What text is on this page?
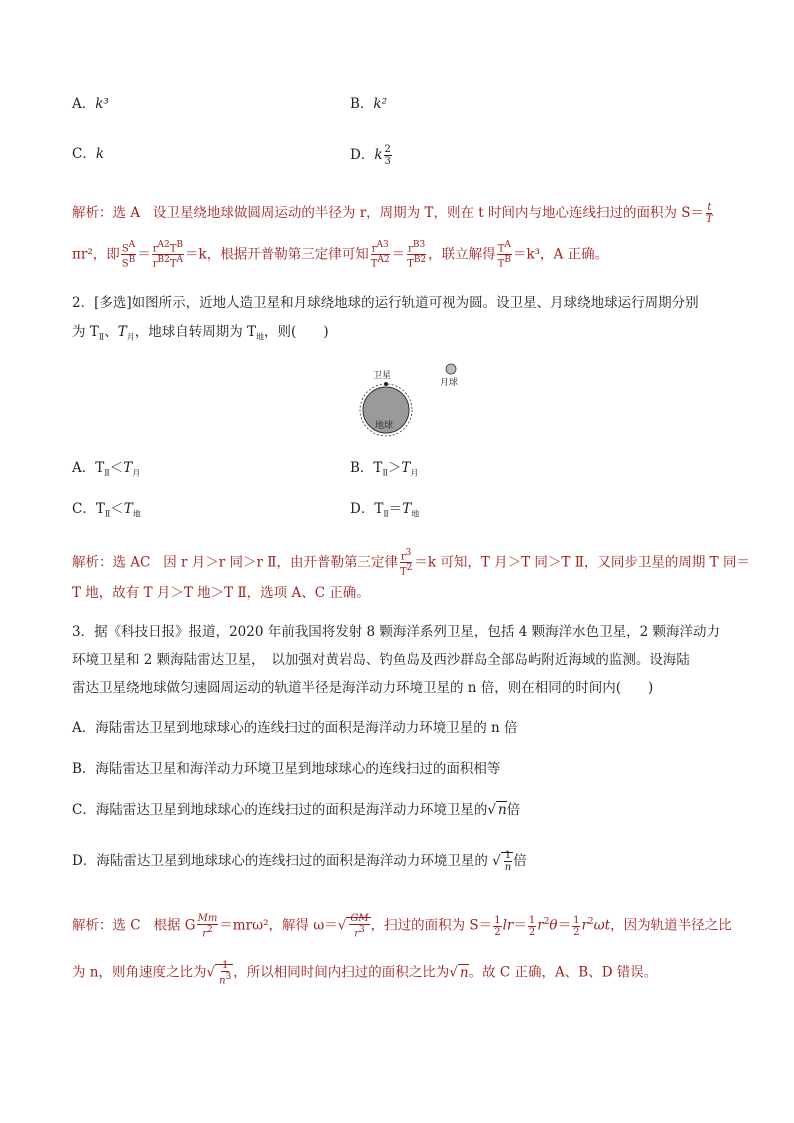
A．k³	B．k²
C．k	D．k $\frac{2}{3}$
解析：选 A 设卫星绕地球做圆周运动的半径为 r，周期为 T，则在 t 时间内与地心连线扫过的面积为 $S= \frac{t}{T}$
πr²，即 $\frac{S^A}{S^B} = \frac{r^{A2}T^B}{r^{B2}T^A} =k$，根据开普勒第三定律可知 $\frac{r^{A3}}{T^{A2}} = \frac{r^{B3}}{T^{B2}}$ ，联立解得 $\frac{T^A}{T^B} =k^3$，A 正确。
2．[多选]如图所示，近地人造卫星和月球绕地球的运行轨道可视为圆。设卫星、月球绕地球运行周期分别
为 $T_Ⅱ$、$T_月$，地球自转周期为 $T_地$，则(　　)
卫星
月球
地球
A．$T_Ⅱ<T_月$	B．$T_Ⅱ>T_月$
C．$T_Ⅱ<T_地$	D．$T_Ⅱ=T_地$
解析：选 AC 因 r 月＞r 同＞r Ⅱ，由开普勒第三定律 $\frac{r^3}{T^2} =k$ 可知，T 月＞T 同＞T Ⅱ，又同步卫星的周期 T 同＝
T 地，故有 T 月＞T 地＞T Ⅱ，选项 A、C 正确。
3．据《科技日报》报道，2020 年前我国将发射 8 颗海洋系列卫星，包括 4 颗海洋水色卫星，2 颗海洋动力
环境卫星和 2 颗海陆雷达卫星，　以加强对黄岩岛、钓鱼岛及西沙群岛全部岛屿附近海域的监测。设海陆
雷达卫星绕地球做匀速圆周运动的轨道半径是海洋动力环境卫星的 n 倍，则在相同的时间内(　　)
A．海陆雷达卫星到地球球心的连线扫过的面积是海洋动力环境卫星的 n 倍
B．海陆雷达卫星和海洋动力环境卫星到地球球心的连线扫过的面积相等
C．海陆雷达卫星到地球球心的连线扫过的面积是海洋动力环境卫星的√ n倍
D．海陆雷达卫星到地球球心的连线扫过的面积是海洋动力环境卫星的 √ $\frac{1}{n}$ 倍
解析：选 C 根据 G $\frac{Mm}{r^2} =mr\omega^2$，解得 $\omega=√ \frac{GM}{r^3}$ ，扫过的面积为 $S= \frac{1}{2} lr= \frac{1}{2} r^2\theta= \frac{1}{2} r^2\omega t$，因为轨道半径之比
为 n，则角速度之比为√ $\frac{1}{n^3}$ ，所以相同时间内扫过的面积之比为√ n。故 C 正确，A、B、D 错误。
